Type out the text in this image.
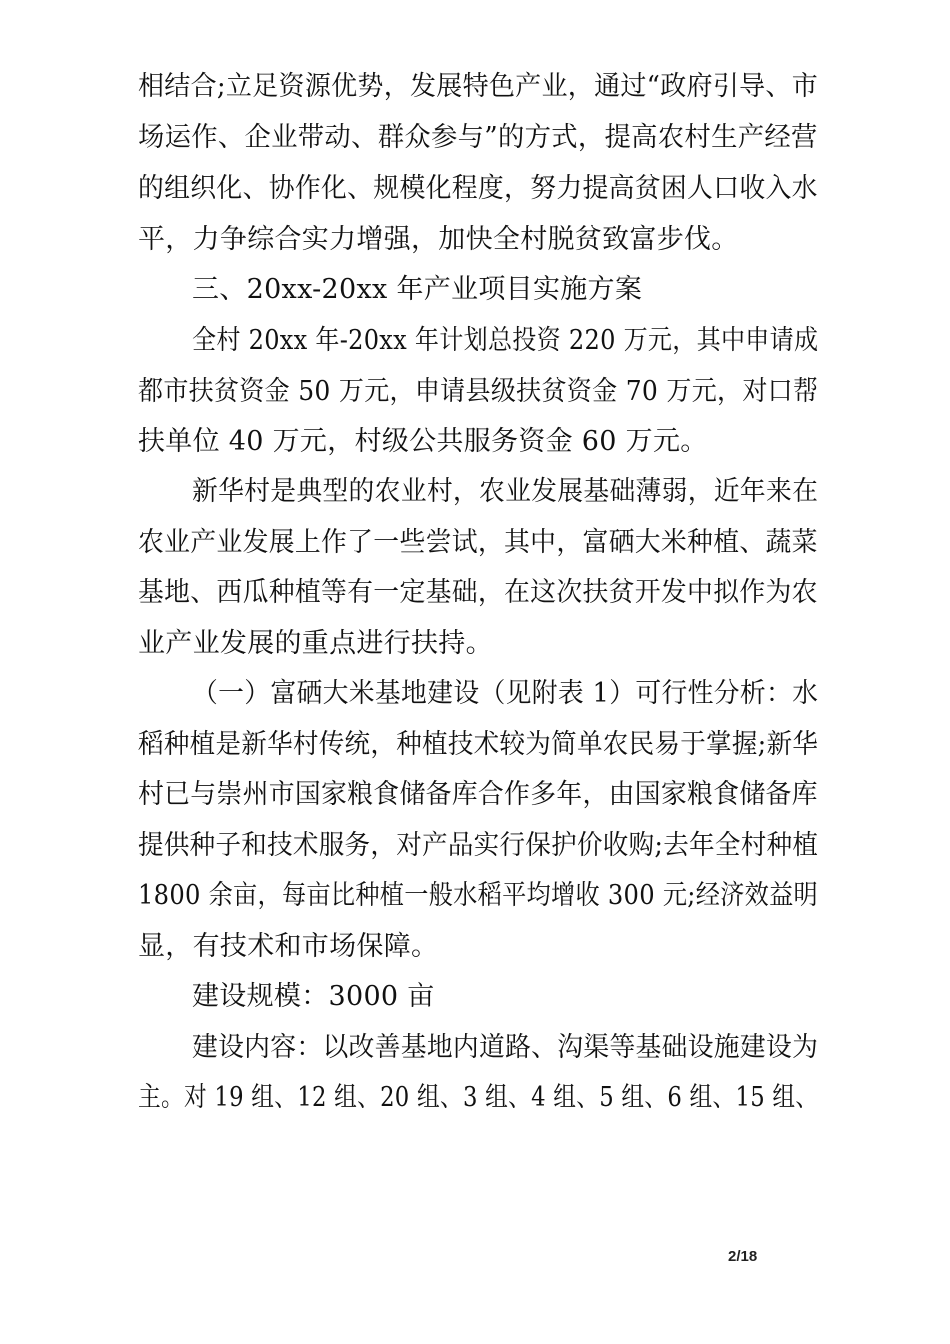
相结合;立足资源优势，发展特色产业，通过“政府引导、市
场运作、企业带动、群众参与”的方式，提高农村生产经营
的组织化、协作化、规模化程度，努力提高贫困人口收入水
平，力争综合实力增强，加快全村脱贫致富步伐。
三、20xx-20xx 年产业项目实施方案
全村 20xx 年-20xx 年计划总投资 220 万元，其中申请成
都市扶贫资金 50 万元，申请县级扶贫资金 70 万元，对口帮
扶单位 40 万元，村级公共服务资金 60 万元。
新华村是典型的农业村，农业发展基础薄弱，近年来在
农业产业发展上作了一些尝试，其中，富硒大米种植、蔬菜
基地、西瓜种植等有一定基础，在这次扶贫开发中拟作为农
业产业发展的重点进行扶持。
（一）富硒大米基地建设（见附表 1）可行性分析：水
稻种植是新华村传统，种植技术较为简单农民易于掌握;新华
村已与崇州市国家粮食储备库合作多年，由国家粮食储备库
提供种子和技术服务，对产品实行保护价收购;去年全村种植
1800 余亩，每亩比种植一般水稻平均增收 300 元;经济效益明
显，有技术和市场保障。
建设规模：3000 亩
建设内容：以改善基地内道路、沟渠等基础设施建设为
主。对 19 组、12 组、20 组、3 组、4 组、5 组、6 组、15 组、
2/18
